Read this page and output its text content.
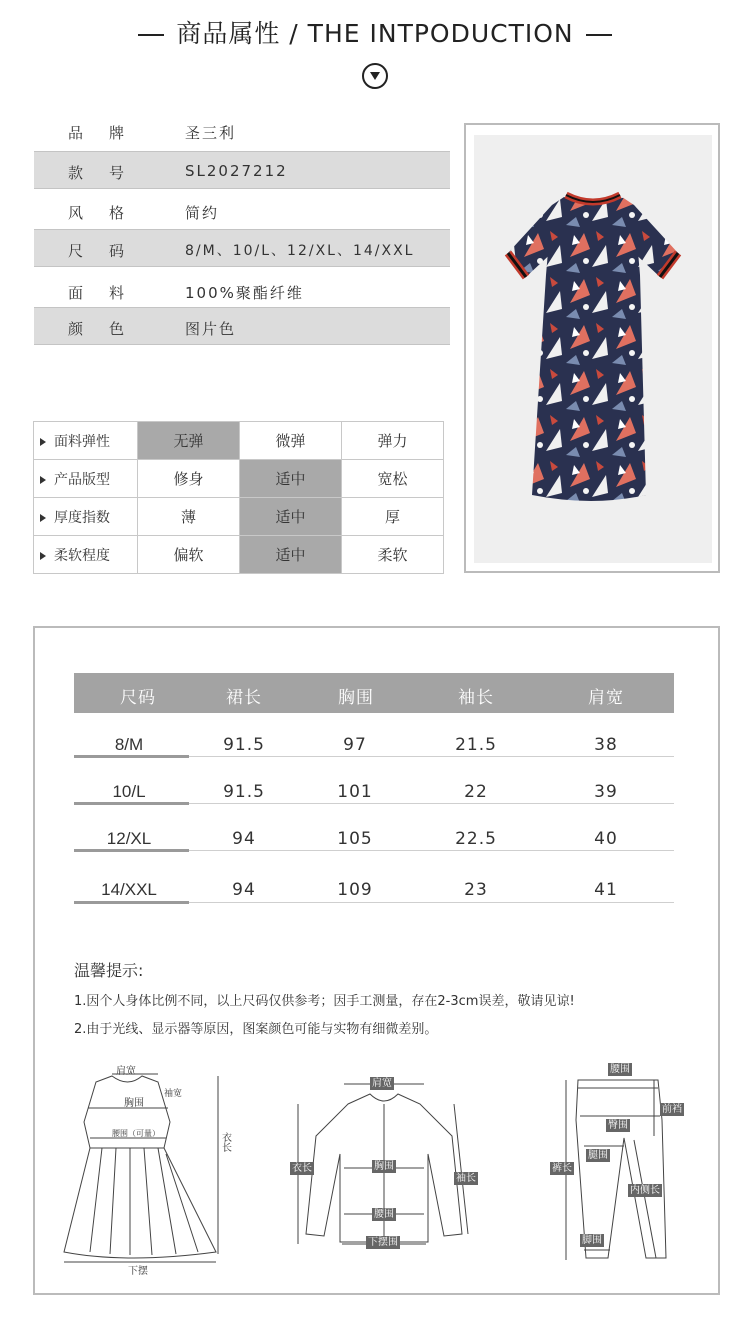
商品属性 / THE INTPODUCTION
品牌	圣三利
款号	SL2027212
风格	简约
尺码	8/M、10/L、12/XL、14/XXL
面料	100%聚酯纤维
颜色	图片色
面料弹性	无弹	微弹	弹力
产品版型	修身	适中	宽松
厚度指数	薄	适中	厚
柔软程度	偏软	适中	柔软
尺码	裙长	胸围	袖长	肩宽
8/M	91.5	97	21.5	38
10/L	91.5	101	22	39
12/XL	94	105	22.5	40
14/XXL	94	109	23	41
温馨提示:
1.因个人身体比例不同，以上尺码仅供参考；因手工测量，存在2-3cm误差，敬请见谅!
2.由于光线、显示器等原因，图案颜色可能与实物有细微差别。
肩宽
胸围
袖宽
腰围（可量）	衣长
下摆
肩宽
衣长	胸围
袖长
腰围
下摆围
腰围
臀围
前裆
腿围
裤长
内侧长
脚围
